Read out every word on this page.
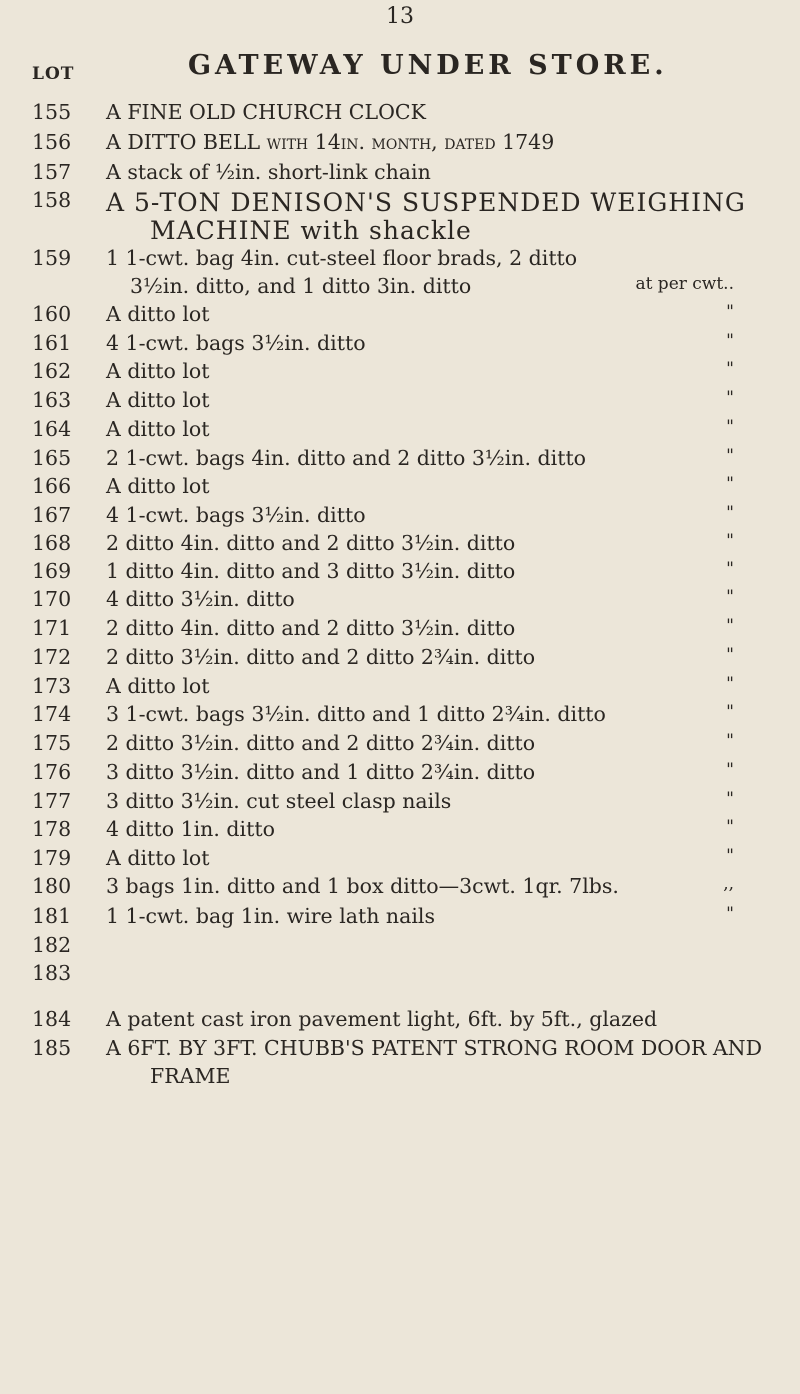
13
GATEWAY UNDER STORE.
LOT
155	A FINE OLD CHURCH CLOCK
156	A DITTO BELL with 14in. month, dated 1749
157	A stack of ½in. short-link chain
158	A 5-TON DENISON'S SUSPENDED WEIGHING
MACHINE with shackle
159	1 1-cwt. bag 4in. cut-steel floor brads, 2 ditto
3½in. ditto, and 1 ditto 3in. ditto	at per cwt..
160	A ditto lot	"
161	4 1-cwt. bags 3½in. ditto	"
162	A ditto lot	"
163	A ditto lot	"
164	A ditto lot	"
165	2 1-cwt. bags 4in. ditto and 2 ditto 3½in. ditto	"
166	A ditto lot	"
167	4 1-cwt. bags 3½in. ditto	"
168	2 ditto 4in. ditto and 2 ditto 3½in. ditto	"
169	1 ditto 4in. ditto and 3 ditto 3½in. ditto	"
170	4 ditto 3½in. ditto	"
171	2 ditto 4in. ditto and 2 ditto 3½in. ditto	"
172	2 ditto 3½in. ditto and 2 ditto 2¾in. ditto	"
173	A ditto lot	"
174	3 1-cwt. bags 3½in. ditto and 1 ditto 2¾in. ditto	"
175	2 ditto 3½in. ditto and 2 ditto 2¾in. ditto	"
176	3 ditto 3½in. ditto and 1 ditto 2¾in. ditto	"
177	3 ditto 3½in. cut steel clasp nails	"
178	4 ditto 1in. ditto	"
179	A ditto lot	"
180	3 bags 1in. ditto and 1 box ditto—3cwt. 1qr. 7lbs.	,,
181	1 1-cwt. bag 1in. wire lath nails	"
182
183
184	A patent cast iron pavement light, 6ft. by 5ft., glazed
185	A 6FT. BY 3FT. CHUBB'S PATENT STRONG ROOM DOOR AND
FRAME
